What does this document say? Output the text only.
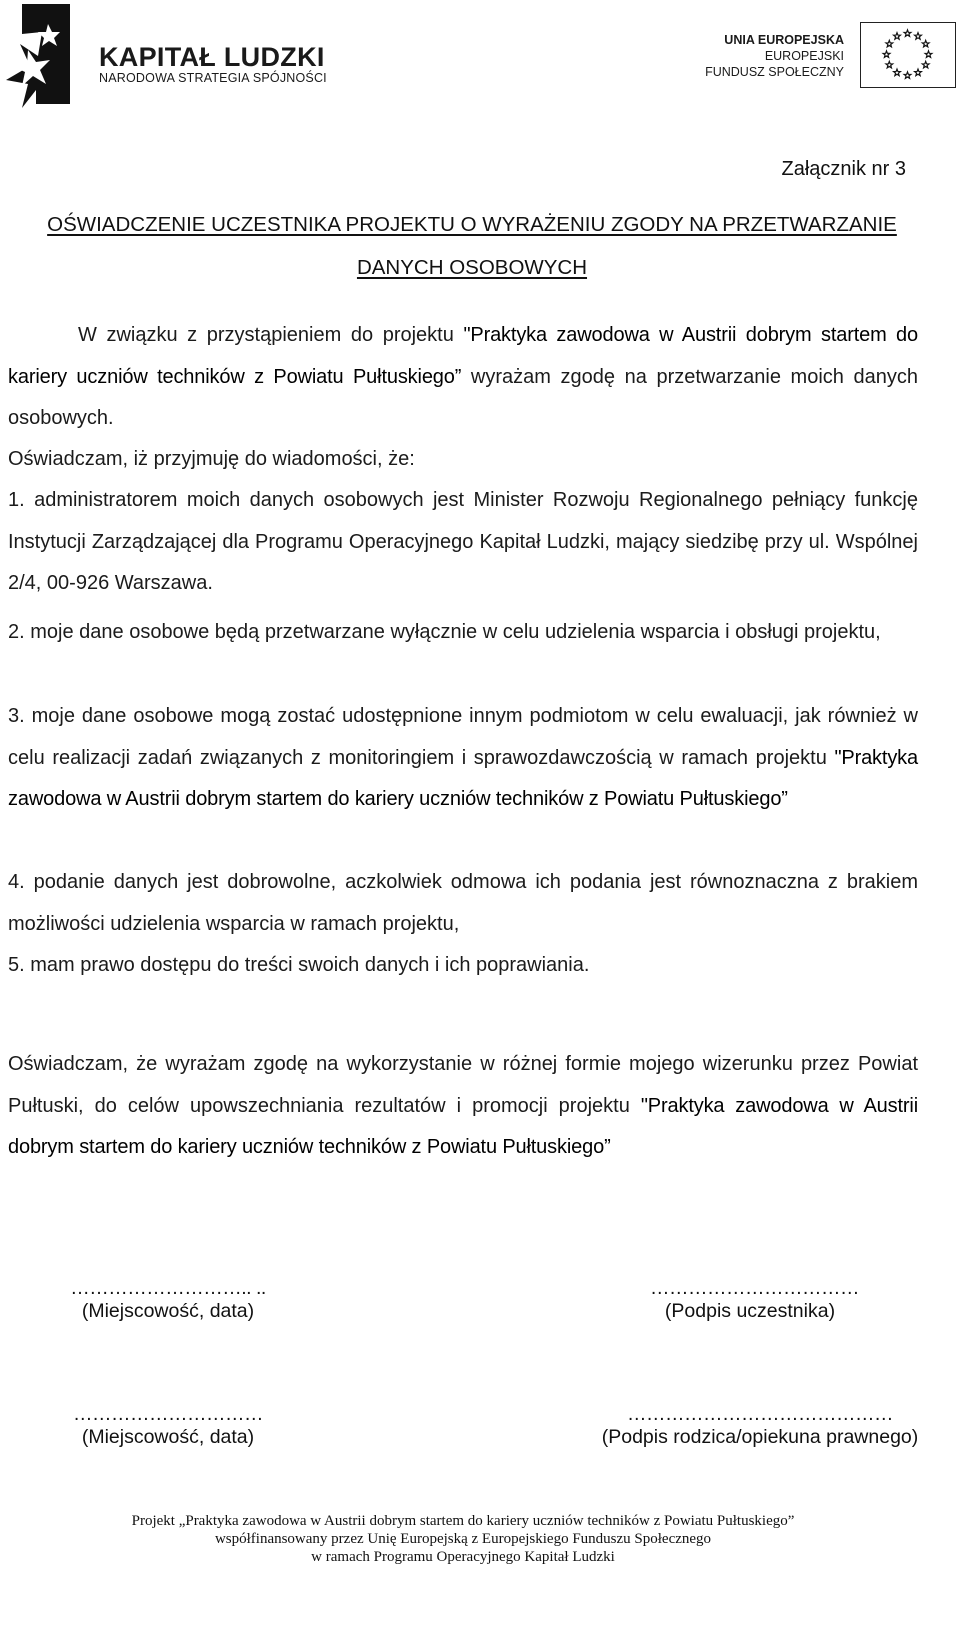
KAPITAŁ LUDZKI
NARODOWA STRATEGIA SPÓJNOŚCI
UNIA EUROPEJSKA
EUROPEJSKI
FUNDUSZ SPOŁECZNY
Załącznik nr 3
OŚWIADCZENIE UCZESTNIKA PROJEKTU O WYRAŻENIU ZGODY NA PRZETWARZANIE
DANYCH OSOBOWYCH
W związku z przystąpieniem do projektu "Praktyka zawodowa w Austrii dobrym startem do kariery uczniów techników z Powiatu Pułtuskiego” wyrażam zgodę na przetwarzanie moich danych osobowych.
Oświadczam, iż przyjmuję do wiadomości, że:
1. administratorem moich danych osobowych jest Minister Rozwoju Regionalnego pełniący funkcję Instytucji Zarządzającej dla Programu Operacyjnego Kapitał Ludzki, mający siedzibę przy ul. Wspólnej 2/4, 00-926 Warszawa.
2. moje dane osobowe będą przetwarzane wyłącznie w celu udzielenia wsparcia i obsługi projektu,
3. moje dane osobowe mogą zostać udostępnione innym podmiotom w celu ewaluacji, jak również w celu realizacji zadań związanych z monitoringiem i sprawozdawczością w ramach projektu "Praktyka zawodowa w Austrii dobrym startem do kariery uczniów techników z Powiatu Pułtuskiego”
4. podanie danych jest dobrowolne, aczkolwiek odmowa ich podania jest równoznaczna z brakiem możliwości udzielenia wsparcia w ramach projektu,
5. mam prawo dostępu do treści swoich danych i ich poprawiania.
Oświadczam, że wyrażam zgodę na wykorzystanie w różnej formie mojego wizerunku przez Powiat Pułtuski, do celów upowszechniania rezultatów i promocji projektu "Praktyka zawodowa w Austrii dobrym startem do kariery uczniów techników z Powiatu Pułtuskiego”
……………………….. ..
(Miejscowość, data)
……………………………
(Podpis uczestnika)
…………………………
(Miejscowość, data)
……………………………………
(Podpis rodzica/opiekuna prawnego)
Projekt „Praktyka zawodowa w Austrii dobrym startem do kariery uczniów techników z Powiatu Pułtuskiego”
współfinansowany przez Unię Europejską z Europejskiego Funduszu Społecznego
w ramach Programu Operacyjnego Kapitał Ludzki
